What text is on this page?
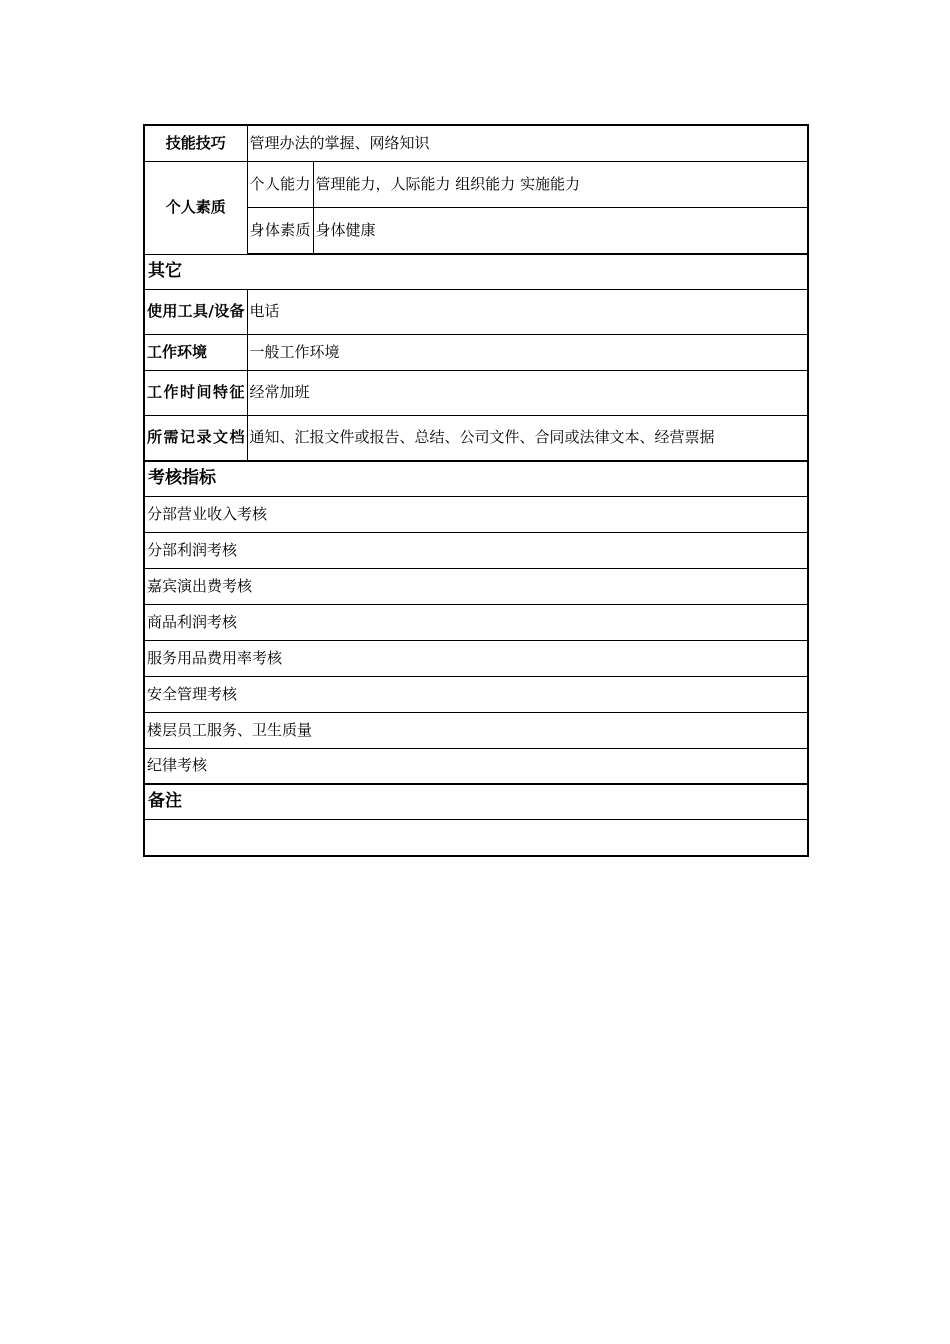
技能技巧	管理办法的掌握、网络知识	
个人素质	个人能力	管理能力，人际能力 组织能力 实施能力
	身体素质	身体健康
其它		
使用工具/设备	电话	
工作环境	一般工作环境	
工作时间特征	经常加班	
所需记录文档	通知、汇报文件或报告、总结、公司文件、合同或法律文本、经营票据	
考核指标		
分部营业收入考核		
分部利润考核		
嘉宾演出费考核		
商品利润考核		
服务用品费用率考核		
安全管理考核		
楼层员工服务、卫生质量		
纪律考核		
备注		
